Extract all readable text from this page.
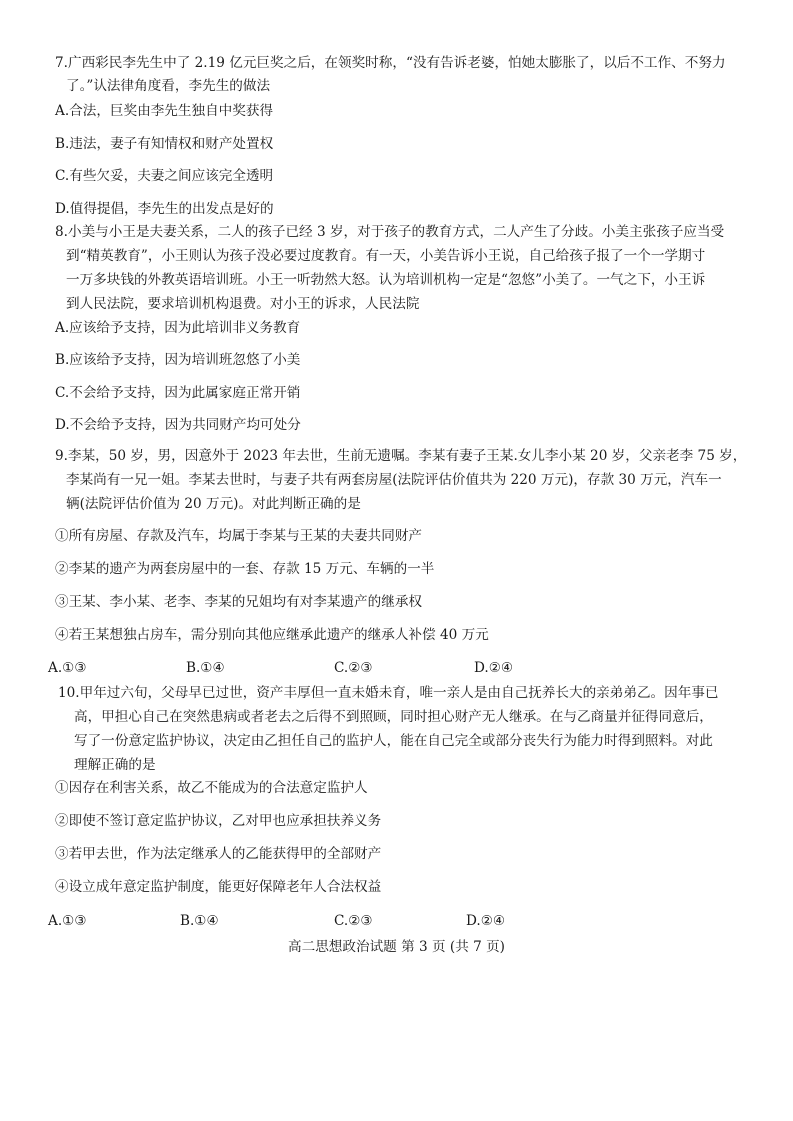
7.广西彩民李先生中了 2.19 亿元巨奖之后，在领奖时称，“没有告诉老婆，怕她太膨胀了，以后不工作、不努力
了。”认法律角度看，李先生的做法
A.合法，巨奖由李先生独自中奖获得
B.违法，妻子有知情权和财产处置权
C.有些欠妥，夫妻之间应该完全透明
D.值得提倡，李先生的出发点是好的
8.小美与小王是夫妻关系，二人的孩子已经 3 岁，对于孩子的教育方式，二人产生了分歧。小美主张孩子应当受
到“精英教育”，小王则认为孩子没必要过度教育。有一天，小美告诉小王说，自己给孩子报了一个一学期寸
一万多块钱的外教英语培训班。小王一听勃然大怒。认为培训机构一定是“忽悠”小美了。一气之下，小王诉
到人民法院，要求培训机构退费。对小王的诉求，人民法院
A.应该给予支持，因为此培训非义务教育
B.应该给予支持，因为培训班忽悠了小美
C.不会给予支持，因为此属家庭正常开销
D.不会给予支持，因为共同财产均可处分
9.李某，50 岁，男，因意外于 2023 年去世，生前无遗嘱。李某有妻子王某.女儿李小某 20 岁，父亲老李 75 岁，
李某尚有一兄一姐。李某去世时，与妻子共有两套房屋(法院评估价值共为 220 万元)，存款 30 万元，汽车一
辆(法院评估价值为 20 万元)。对此判断正确的是
①所有房屋、存款及汽车，均属于李某与王某的夫妻共同财产
②李某的遗产为两套房屋中的一套、存款 15 万元、车辆的一半
③王某、李小某、老李、李某的兄姐均有对李某遗产的继承权
④若王某想独占房车，需分别向其他应继承此遗产的继承人补偿 40 万元
A.①③	B.①④	C.②③	D.②④
10.甲年过六旬，父母早已过世，资产丰厚但一直未婚未育，唯一亲人是由自己抚养长大的亲弟弟乙。因年事已
高，甲担心自己在突然患病或者老去之后得不到照顾，同时担心财产无人继承。在与乙商量并征得同意后，
写了一份意定监护协议，决定由乙担任自己的监护人，能在自己完全或部分丧失行为能力时得到照料。对此
理解正确的是
①因存在利害关系，故乙不能成为的合法意定监护人
②即使不签订意定监护协议，乙对甲也应承担扶养义务
③若甲去世，作为法定继承人的乙能获得甲的全部财产
④设立成年意定监护制度，能更好保障老年人合法权益
A.①③	B.①④	C.②③	D.②④
高二思想政治试题 第 3 页 (共 7 页)
